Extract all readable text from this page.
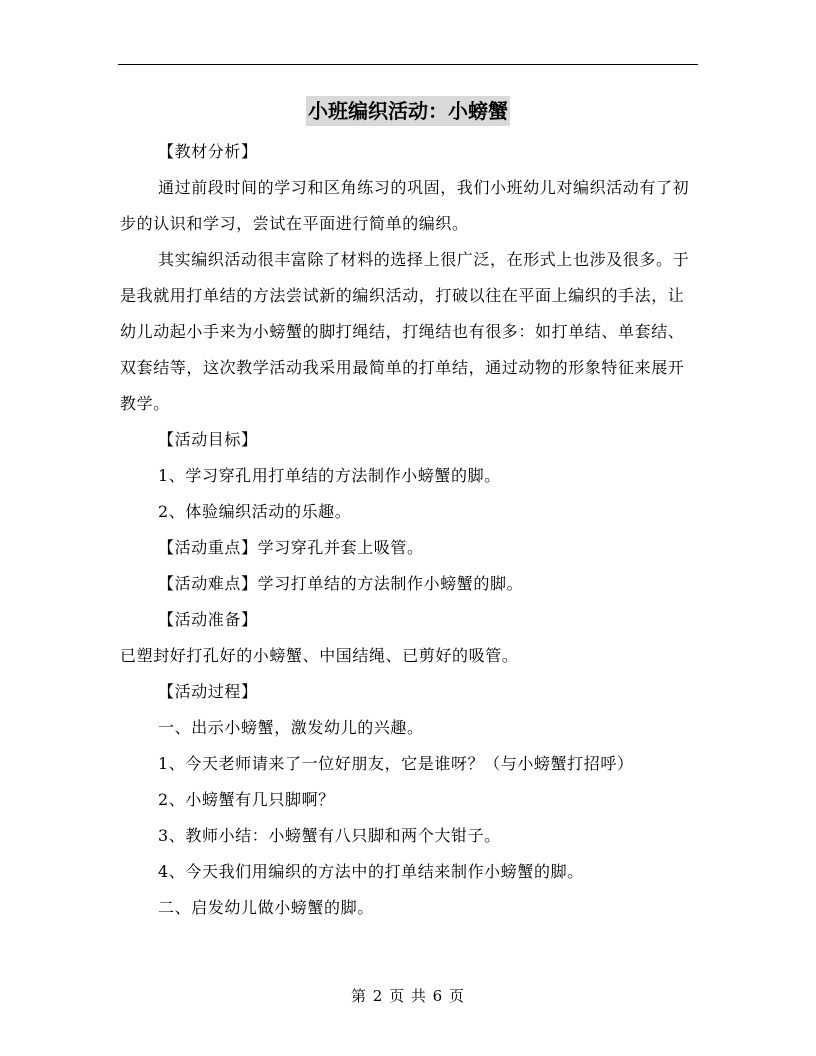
小班编织活动：小螃蟹

【教材分析】

通过前段时间的学习和区角练习的巩固，我们小班幼儿对编织活动有了初步的认识和学习，尝试在平面进行简单的编织。

其实编织活动很丰富除了材料的选择上很广泛，在形式上也涉及很多。于是我就用打单结的方法尝试新的编织活动，打破以往在平面上编织的手法，让幼儿动起小手来为小螃蟹的脚打绳结，打绳结也有很多：如打单结、单套结、双套结等，这次教学活动我采用最简单的打单结，通过动物的形象特征来展开教学。

【活动目标】

1、学习穿孔用打单结的方法制作小螃蟹的脚。

2、体验编织活动的乐趣。

【活动重点】学习穿孔并套上吸管。

【活动难点】学习打单结的方法制作小螃蟹的脚。

【活动准备】

已塑封好打孔好的小螃蟹、中国结绳、已剪好的吸管。

【活动过程】

一、出示小螃蟹，激发幼儿的兴趣。

1、今天老师请来了一位好朋友，它是谁呀？（与小螃蟹打招呼）

2、小螃蟹有几只脚啊？

3、教师小结：小螃蟹有八只脚和两个大钳子。

4、今天我们用编织的方法中的打单结来制作小螃蟹的脚。

二、启发幼儿做小螃蟹的脚。

第 2 页 共 6 页
